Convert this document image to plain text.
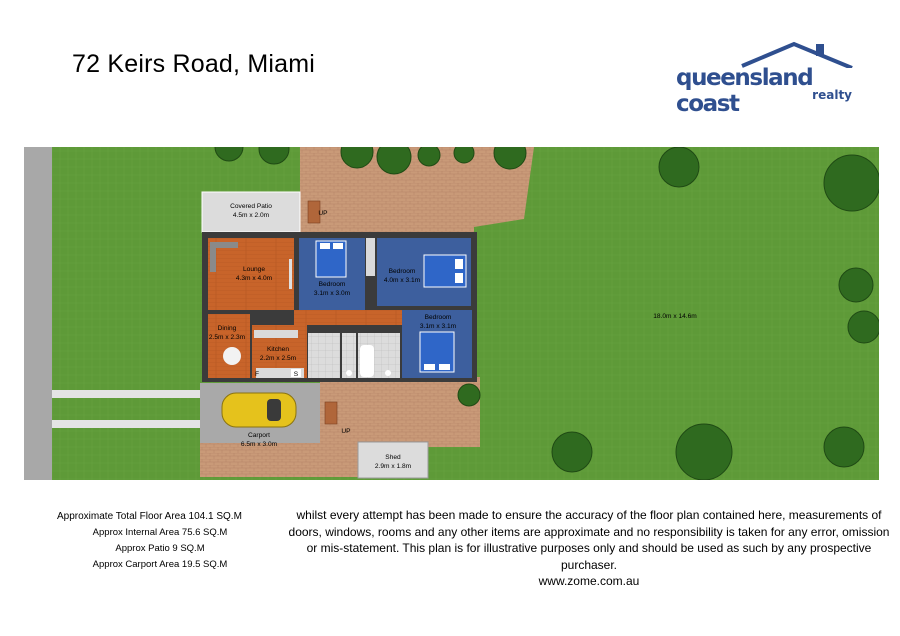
72 Keirs Road, Miami	queensland coast	realty
Covered Patio
4.5m x 2.0m	UP
Lounge
4.3m x 4.0m
Bedroom
3.1m x 3.0m
Bedroom
4.0m x 3.1m
Bedroom
3.1m x 3.1m
Dining
2.5m x 2.3m
Kitchen
2.2m x 2.5m
F	S
Carport
6.5m x 3.0m
UP
Shed
2.9m x 1.8m
18.0m x 14.6m
Approximate Total Floor Area 104.1 SQ.M
Approx Internal Area 75.6 SQ.M
Approx Patio 9 SQ.M
Approx Carport Area 19.5 SQ.M
whilst every attempt has been made to ensure the accuracy of the floor plan contained here, measurements of doors, windows, rooms and any other items are approximate and no responsibility is taken for any error, omission or mis-statement. This plan is for illustrative purposes only and should be used as such by any prospective purchaser.
www.zome.com.au
